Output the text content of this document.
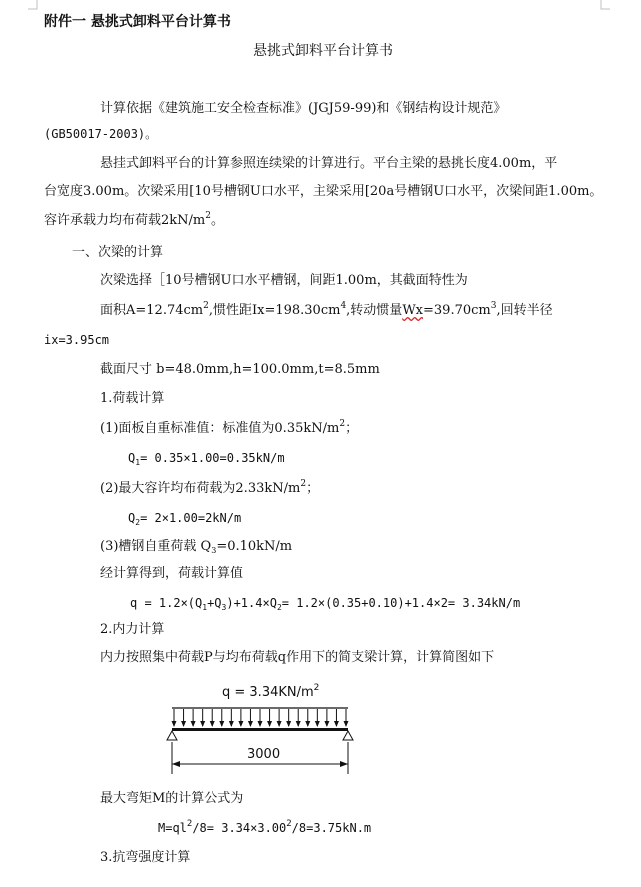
附件一 悬挑式卸料平台计算书
悬挑式卸料平台计算书
计算依据《建筑施工安全检查标准》(JGJ59-99)和《钢结构设计规范》
(GB50017-2003)。
悬挂式卸料平台的计算参照连续梁的计算进行。平台主梁的悬挑长度4.00m，平
台宽度3.00m。次梁采用[10号槽钢U口水平，主梁采用[20a号槽钢U口水平，次梁间距1.00m。
容许承载力均布荷载$2kN/m^2$。
一、次梁的计算
次梁选择［10号槽钢U口水平槽钢，间距1.00m，其截面特性为
面积$A=12.74cm^2$,惯性距$Ix=198.30cm^4$,转动惯量$Wx=39.70cm^3$,回转半径
ix=3.95cm
截面尺寸 b=48.0mm,h=100.0mm,t=8.5mm
1.荷载计算
(1)面板自重标准值：标准值为$0.35kN/m^2$；
$Q_1= 0.35\times 1.00=0.35kN/m$
(2)最大容许均布荷载为$2.33kN/m^2$；
$Q_2= 2\times 1.00=2kN/m$
(3)槽钢自重荷载 $Q_3=0.10kN/m$
经计算得到，荷载计算值
$q = 1.2\times(Q_1+Q_3)+1.4\times Q_2= 1.2\times(0.35+0.10)+1.4\times 2= 3.34kN/m$
2.内力计算
内力按照集中荷载P与均布荷载q作用下的简支梁计算，计算简图如下
$q = 3.34KN/m^2$
3000
最大弯矩M的计算公式为
$M=ql^2/8= 3.34\times 3.00^2/8=3.75kN.m$
3.抗弯强度计算
